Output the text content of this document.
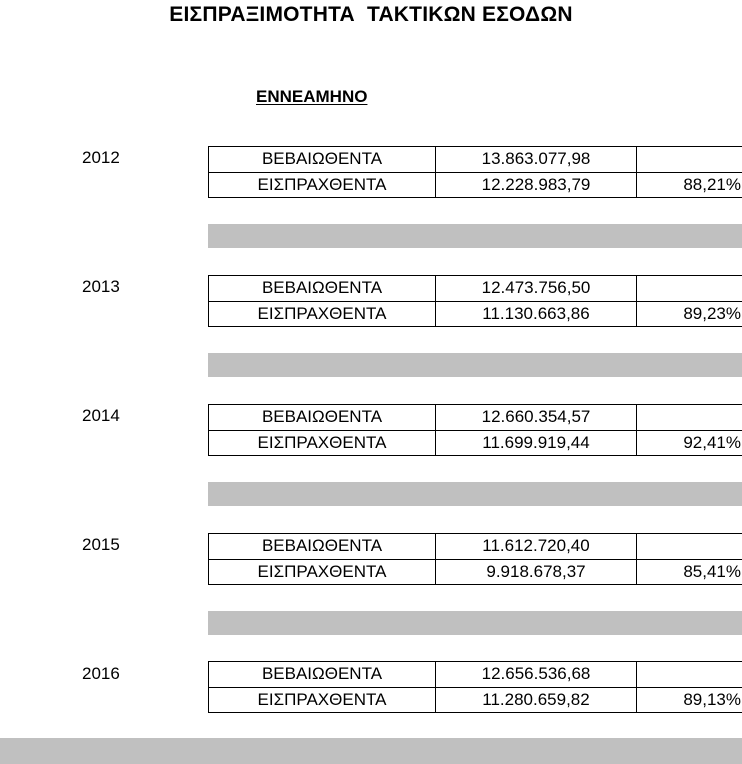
ΕΙΣΠΡΑΞΙΜΟΤΗΤΑ  ΤΑΚΤΙΚΩΝ ΕΣΟΔΩΝ
ΕΝΝΕΑΜΗΝΟ
2012	ΒΕΒΑΙΩΘΕΝΤΑ	13.863.077,98	
ΕΙΣΠΡΑΧΘΕΝΤΑ	12.228.983,79	88,21%
2013	ΒΕΒΑΙΩΘΕΝΤΑ	12.473.756,50	
ΕΙΣΠΡΑΧΘΕΝΤΑ	11.130.663,86	89,23%
2014	ΒΕΒΑΙΩΘΕΝΤΑ	12.660.354,57	
ΕΙΣΠΡΑΧΘΕΝΤΑ	11.699.919,44	92,41%
2015	ΒΕΒΑΙΩΘΕΝΤΑ	11.612.720,40	
ΕΙΣΠΡΑΧΘΕΝΤΑ	9.918.678,37	85,41%
2016	ΒΕΒΑΙΩΘΕΝΤΑ	12.656.536,68	
ΕΙΣΠΡΑΧΘΕΝΤΑ	11.280.659,82	89,13%
